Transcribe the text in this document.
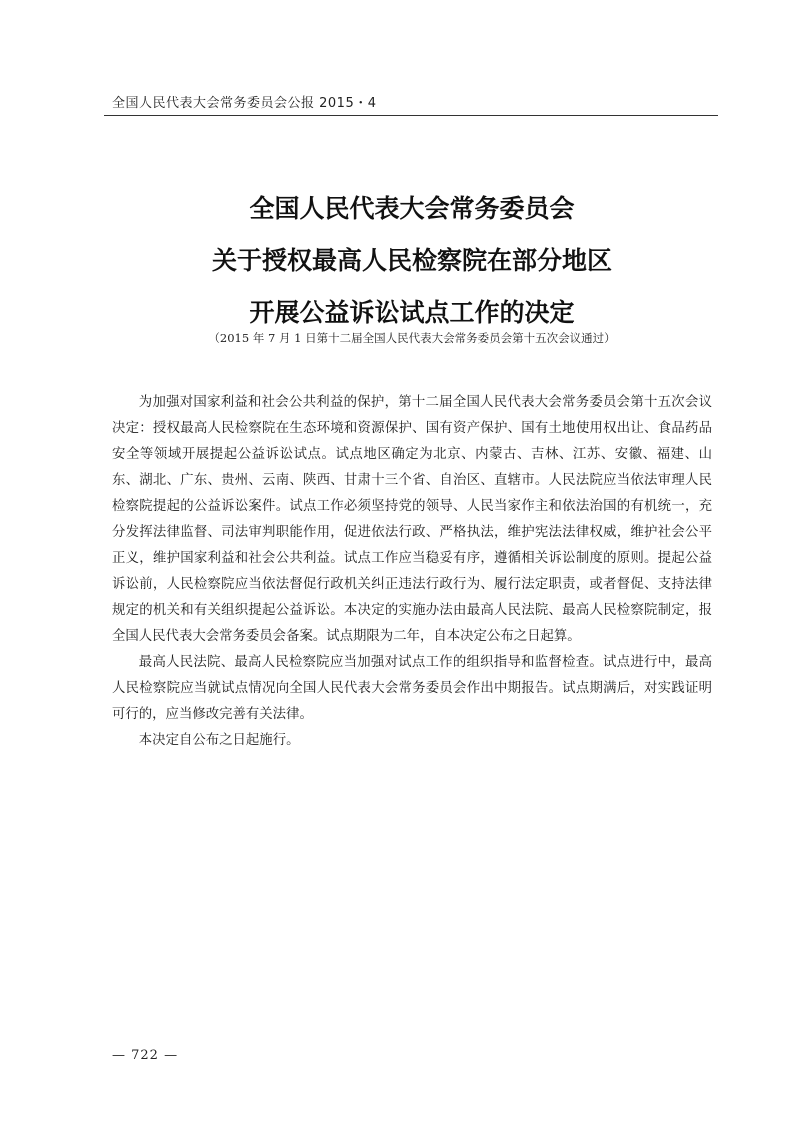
全国人民代表大会常务委员会公报 2015・4
全国人民代表大会常务委员会
关于授权最高人民检察院在部分地区
开展公益诉讼试点工作的决定
（2015 年 7 月 1 日第十二届全国人民代表大会常务委员会第十五次会议通过）

为加强对国家利益和社会公共利益的保护，第十二届全国人民代表大会常务委员会第十五次会议决定：授权最高人民检察院在生态环境和资源保护、国有资产保护、国有土地使用权出让、食品药品安全等领域开展提起公益诉讼试点。试点地区确定为北京、内蒙古、吉林、江苏、安徽、福建、山东、湖北、广东、贵州、云南、陕西、甘肃十三个省、自治区、直辖市。人民法院应当依法审理人民检察院提起的公益诉讼案件。试点工作必须坚持党的领导、人民当家作主和依法治国的有机统一，充分发挥法律监督、司法审判职能作用，促进依法行政、严格执法，维护宪法法律权威，维护社会公平正义，维护国家利益和社会公共利益。试点工作应当稳妥有序，遵循相关诉讼制度的原则。提起公益诉讼前，人民检察院应当依法督促行政机关纠正违法行政行为、履行法定职责，或者督促、支持法律规定的机关和有关组织提起公益诉讼。本决定的实施办法由最高人民法院、最高人民检察院制定，报全国人民代表大会常务委员会备案。试点期限为二年，自本决定公布之日起算。

最高人民法院、最高人民检察院应当加强对试点工作的组织指导和监督检查。试点进行中，最高人民检察院应当就试点情况向全国人民代表大会常务委员会作出中期报告。试点期满后，对实践证明可行的，应当修改完善有关法律。

本决定自公布之日起施行。

— 722 —
